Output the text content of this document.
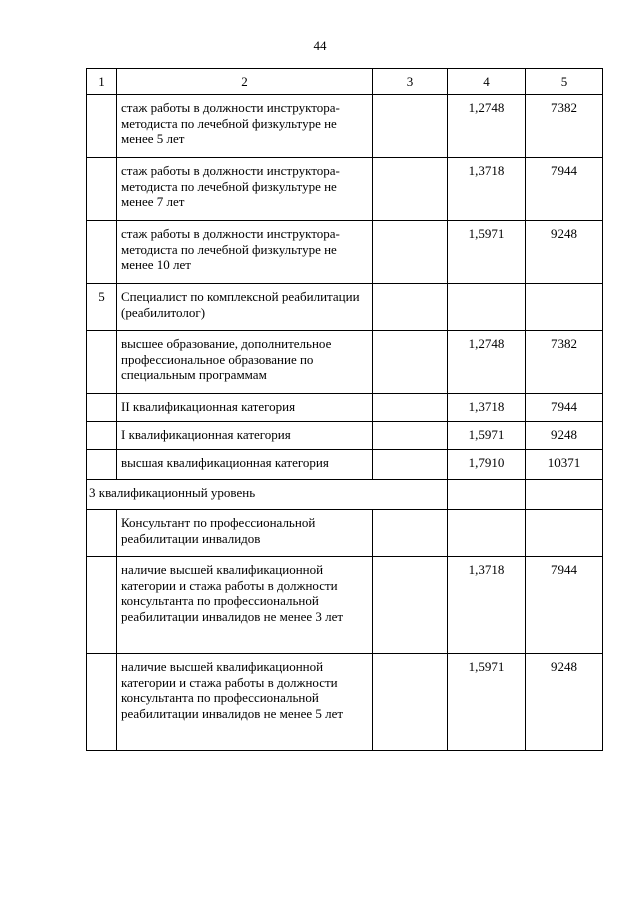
44
1	2	3	4	5
	стаж работы в должности инструктора-методиста по лечебной физкультуре не менее 5 лет		1,2748	7382
	стаж работы в должности инструктора-методиста по лечебной физкультуре не менее 7 лет		1,3718	7944
	стаж работы в должности инструктора-методиста по лечебной физкультуре не менее 10 лет		1,5971	9248
5	Специалист по комплексной реабилитации (реабилитолог)			
	высшее образование, дополнительное профессиональное образование по специальным программам		1,2748	7382
	II квалификационная категория		1,3718	7944
	I квалификационная категория		1,5971	9248
	высшая квалификационная категория		1,7910	10371
3 квалификационный уровень				
	Консультант по профессиональной реабилитации инвалидов			
	наличие высшей квалификационной категории и стажа работы в должности консультанта по профессиональной реабилитации инвалидов не менее 3 лет		1,3718	7944
	наличие высшей квалификационной категории и стажа работы в должности консультанта по профессиональной реабилитации инвалидов не менее 5 лет		1,5971	9248
